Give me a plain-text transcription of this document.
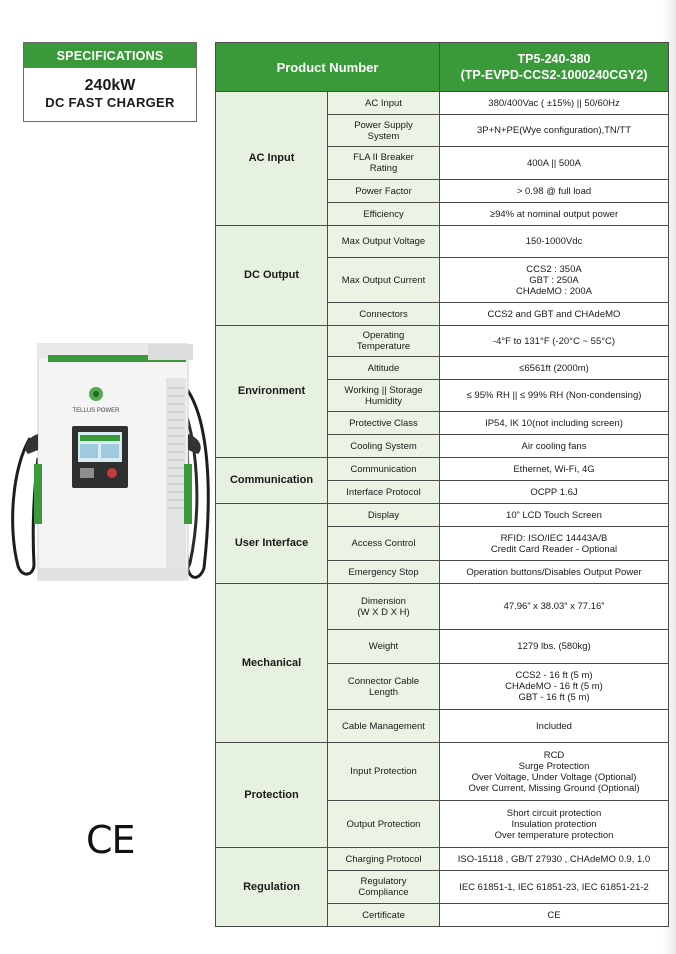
SPECIFICATIONS
240kW
DC FAST CHARGER
Product Number		TP5-240-380
(TP-EVPD-CCS2-1000240CGY2)

AC Input	AC Input	380/400Vac ( ±15%) || 50/60Hz
	Power Supply
System	3P+N+PE(Wye configuration),TN/TT
	FLA II Breaker
Rating	400A || 500A
	Power Factor	> 0.98 @ full load
	Efficiency	≥94% at nominal output power
DC Output	Max Output Voltage	150-1000Vdc
	Max Output Current	CCS2 : 350A
GBT : 250A
CHAdeMO : 200A
	Connectors	CCS2 and GBT and CHAdeMO
Environment	Operating
Temperature	-4°F to 131°F (-20°C ~ 55°C)
	Altitude	≤6561ft (2000m)
	Working || Storage
Humidity	≤ 95% RH || ≤ 99% RH (Non-condensing)
	Protective Class	IP54, IK 10(not including screen)
	Cooling System	Air cooling fans
Communication	Communication	Ethernet, Wi-Fi, 4G
	Interface Protocol	OCPP 1.6J
User Interface	Display	10” LCD Touch Screen
	Access Control	RFID: ISO/IEC 14443A/B
Credit Card Reader - Optional
	Emergency Stop	Operation buttons/Disables Output Power
Mechanical	Dimension
(W X D X H)	47.96” x 38.03” x 77.16”
	Weight	1279 lbs. (580kg)
	Connector Cable
Length	CCS2 - 16 ft (5 m)
CHAdeMO - 16 ft (5 m)
GBT - 16 ft (5 m)
	Cable Management	Included
Protection	Input Protection	RCD
Surge Protection
Over Voltage, Under Voltage (Optional)
Over Current, Missing Ground (Optional)
	Output Protection	Short circuit protection
Insulation protection
Over temperature protection
Regulation	Charging Protocol	ISO-15118 , GB/T 27930 , CHAdeMO 0.9, 1.0
	Regulatory
Compliance	IEC 61851-1, IEC 61851-23, IEC 61851-21-2
	Certificate	CE
TELLUS POWER
CE
